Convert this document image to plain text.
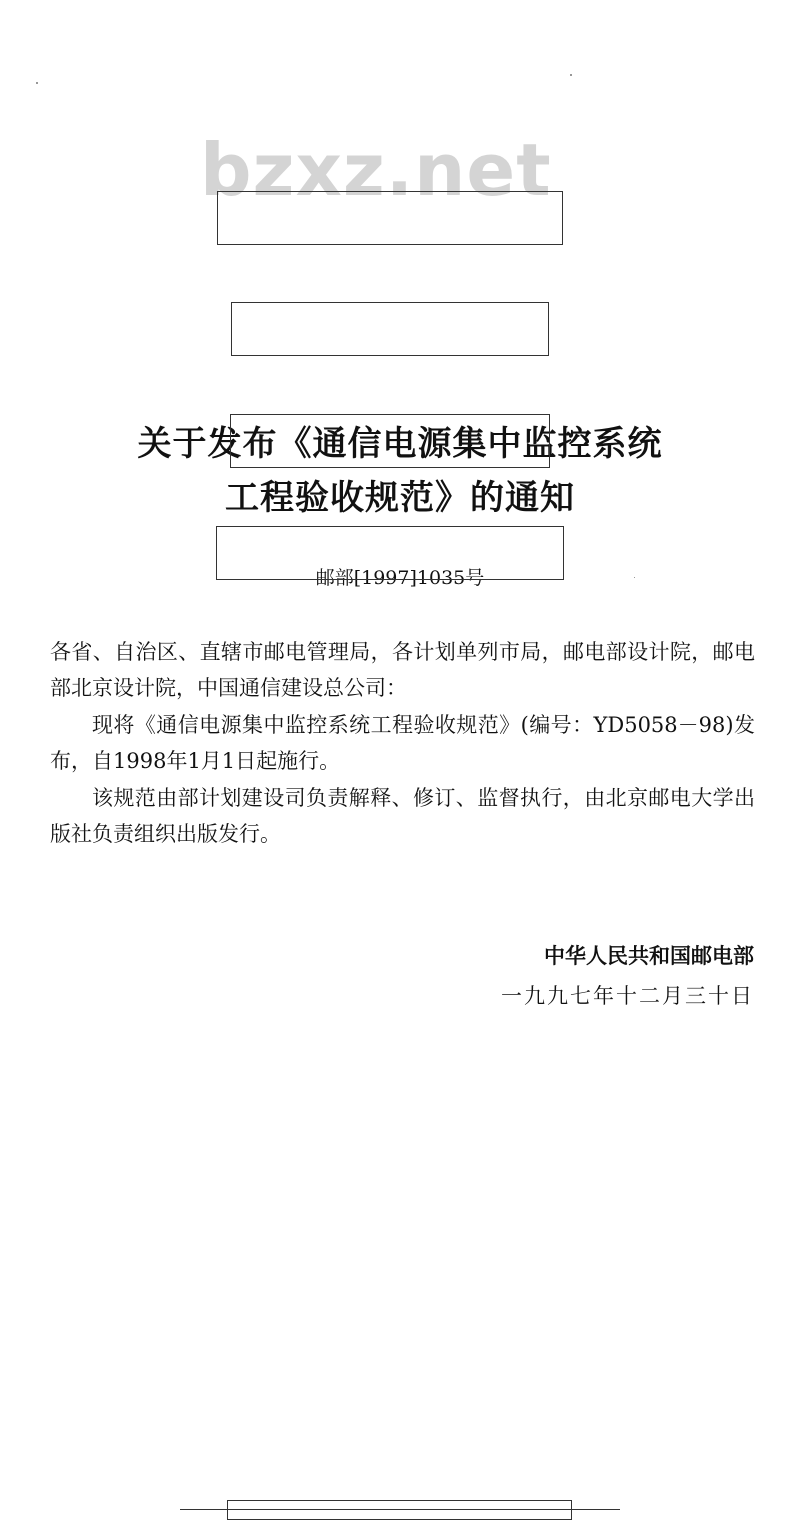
bzxz.net
关于发布《通信电源集中监控系统
工程验收规范》的通知
邮部[1997]1035号

各省、自治区、直辖市邮电管理局，各计划单列市局，邮电部设计院，邮电部北京设计院，中国通信建设总公司：

现将《通信电源集中监控系统工程验收规范》(编号：YD5058－98)发布，自1998年1月1日起施行。

该规范由部计划建设司负责解释、修订、监督执行，由北京邮电大学出版社负责组织出版发行。

中华人民共和国邮电部
一九九七年十二月三十日
